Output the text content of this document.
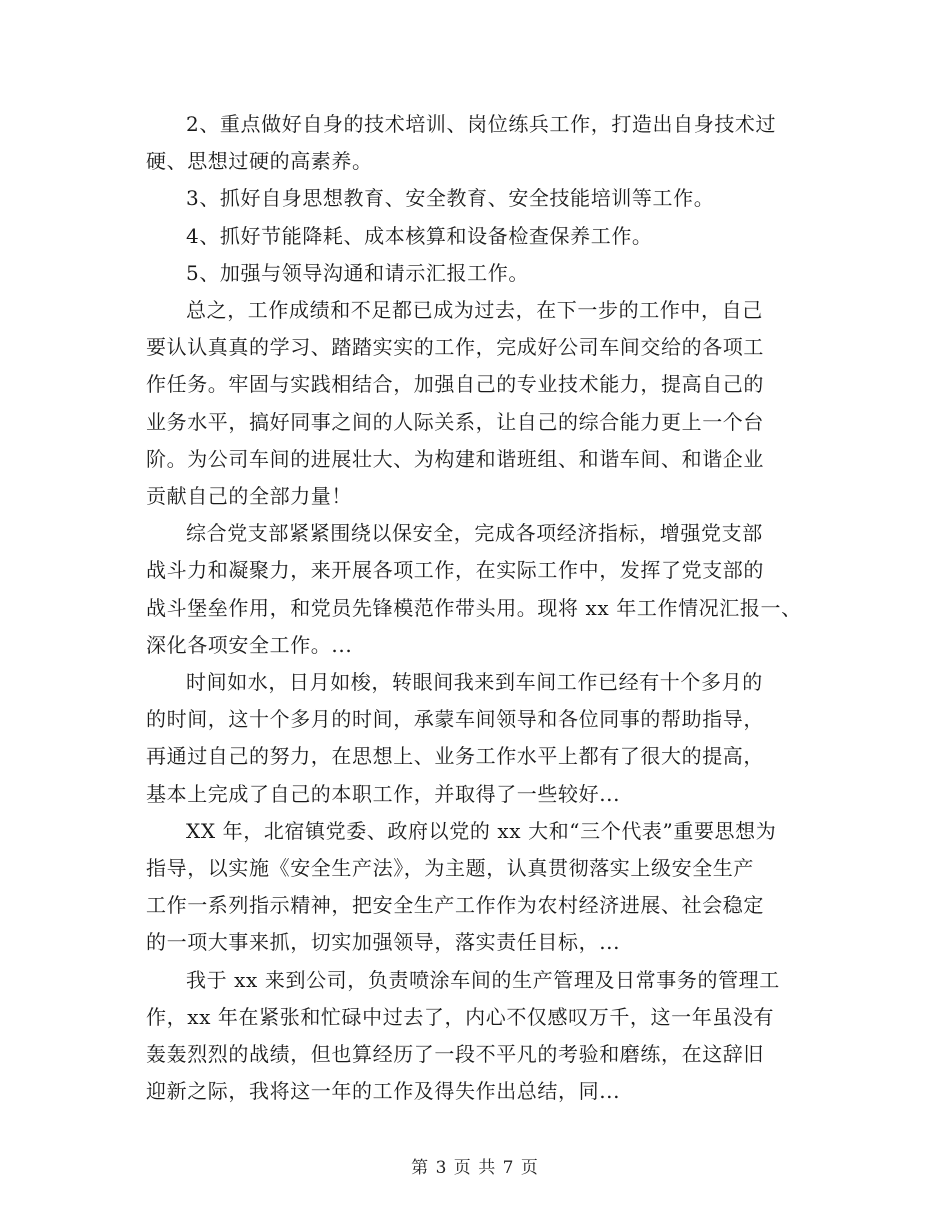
2、重点做好自身的技术培训、岗位练兵工作，打造出自身技术过
硬、思想过硬的高素养。

3、抓好自身思想教育、安全教育、安全技能培训等工作。

4、抓好节能降耗、成本核算和设备检查保养工作。

5、加强与领导沟通和请示汇报工作。

总之，工作成绩和不足都已成为过去，在下一步的工作中，自己
要认认真真的学习、踏踏实实的工作，完成好公司车间交给的各项工
作任务。牢固与实践相结合，加强自己的专业技术能力，提高自己的
业务水平，搞好同事之间的人际关系，让自己的综合能力更上一个台
阶。为公司车间的进展壮大、为构建和谐班组、和谐车间、和谐企业
贡献自己的全部力量！

综合党支部紧紧围绕以保安全，完成各项经济指标，增强党支部
战斗力和凝聚力，来开展各项工作，在实际工作中，发挥了党支部的
战斗堡垒作用，和党员先锋模范作带头用。现将 xx 年工作情况汇报一、
深化各项安全工作。...

时间如水，日月如梭，转眼间我来到车间工作已经有十个多月的
的时间，这十个多月的时间，承蒙车间领导和各位同事的帮助指导，
再通过自己的努力，在思想上、业务工作水平上都有了很大的提高，
基本上完成了自己的本职工作，并取得了一些较好...

XX 年，北宿镇党委、政府以党的 xx 大和“三个代表”重要思想为
指导，以实施《安全生产法》，为主题，认真贯彻落实上级安全生产
工作一系列指示精神，把安全生产工作作为农村经济进展、社会稳定
的一项大事来抓，切实加强领导，落实责任目标，...

我于 xx 来到公司，负责喷涂车间的生产管理及日常事务的管理工
作，xx 年在紧张和忙碌中过去了，内心不仅感叹万千，这一年虽没有
轰轰烈烈的战绩，但也算经历了一段不平凡的考验和磨练，在这辞旧
迎新之际，我将这一年的工作及得失作出总结，同...

第 3 页 共 7 页
